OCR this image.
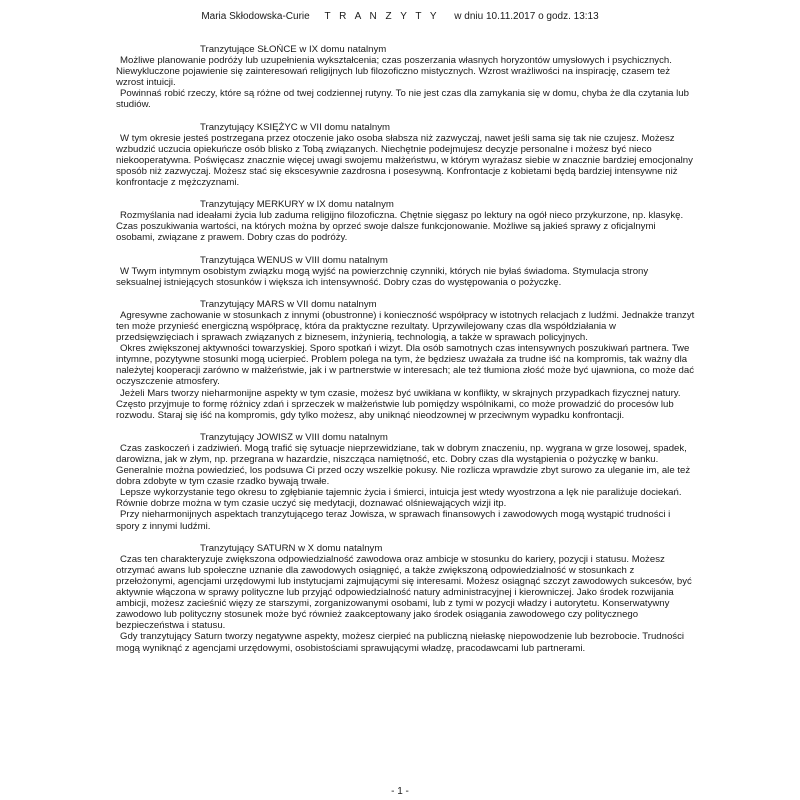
Maria Skłodowska-Curie T R A N Z Y T Y w dniu 10.11.2017 o godz. 13:13
Tranzytujące SŁOŃCE w IX domu natalnym
Możliwe planowanie podróży lub uzupełnienia wykształcenia; czas poszerzania własnych horyzontów umysłowych i psychicznych. Niewykluczone pojawienie się zainteresowań religijnych lub filozoficzno mistycznych. Wzrost wrażliwości na inspirację, czasem też wzrost intuicji.
Powinnaś robić rzeczy, które są różne od twej codziennej rutyny. To nie jest czas dla zamykania się w domu, chyba że dla czytania lub studiów.
Tranzytujący KSIĘŻYC w VII domu natalnym
W tym okresie jesteś postrzegana przez otoczenie jako osoba słabsza niż zazwyczaj, nawet jeśli sama się tak nie czujesz. Możesz wzbudzić uczucia opiekuńcze osób blisko z Tobą związanych. Niechętnie podejmujesz decyzje personalne i możesz być nieco niekooperatywna. Poświęcasz znacznie więcej uwagi swojemu małżeństwu, w którym wyrażasz siebie w znacznie bardziej emocjonalny sposób niż zazwyczaj. Możesz stać się ekscesywnie zazdrosna i posesywną. Konfrontacje z kobietami będą bardziej intensywne niż konfrontacje z mężczyznami.
Tranzytujący MERKURY w IX domu natalnym
Rozmyślania nad ideałami życia lub zaduma religijno filozoficzna. Chętnie sięgasz po lektury na ogół nieco przykurzone, np. klasykę. Czas poszukiwania wartości, na których można by oprzeć swoje dalsze funkcjonowanie. Możliwe są jakieś sprawy z oficjalnymi osobami, związane z prawem. Dobry czas do podróży.
Tranzytująca WENUS w VIII domu natalnym
W Twym intymnym osobistym związku mogą wyjść na powierzchnię czynniki, których nie byłaś świadoma. Stymulacja strony seksualnej istniejących stosunków i większa ich intensywność. Dobry czas do występowania o pożyczkę.
Tranzytujący MARS w VII domu natalnym
Agresywne zachowanie w stosunkach z innymi (obustronne) i konieczność współpracy w istotnych relacjach z ludźmi. Jednakże tranzyt ten może przynieść energiczną współpracę, która da praktyczne rezultaty. Uprzywilejowany czas dla współdziałania w przedsięwzięciach i sprawach związanych z biznesem, inżynierią, technologią, a także w sprawach policyjnych.
Okres zwiększonej aktywności towarzyskiej. Sporo spotkań i wizyt. Dla osób samotnych czas intensywnych poszukiwań partnera. Twe intymne, pozytywne stosunki mogą ucierpieć. Problem polega na tym, że będziesz uważała za trudne iść na kompromis, tak ważny dla należytej kooperacji zarówno w małżeństwie, jak i w partnerstwie w interesach; ale też tłumiona złość może być ujawniona, co może dać oczyszczenie atmosfery.
Jeżeli Mars tworzy nieharmonijne aspekty w tym czasie, możesz być uwikłana w konflikty, w skrajnych przypadkach fizycznej natury. Często przyjmuje to formę różnicy zdań i sprzeczek w małżeństwie lub pomiędzy wspólnikami, co może prowadzić do procesów lub rozwodu. Staraj się iść na kompromis, gdy tylko możesz, aby uniknąć nieodzownej w przeciwnym wypadku konfrontacji.
Tranzytujący JOWISZ w VIII domu natalnym
Czas zaskoczeń i zadziwień. Mogą trafić się sytuacje nieprzewidziane, tak w dobrym znaczeniu, np. wygrana w grze losowej, spadek, darowizna, jak w złym, np. przegrana w hazardzie, niszcząca namiętność, etc. Dobry czas dla wystąpienia o pożyczkę w banku. Generalnie można powiedzieć, los podsuwa Ci przed oczy wszelkie pokusy. Nie rozlicza wprawdzie zbyt surowo za uleganie im, ale też dobra zdobyte w tym czasie rzadko bywają trwałe.
Lepsze wykorzystanie tego okresu to zgłębianie tajemnic życia i śmierci, intuicja jest wtedy wyostrzona a lęk nie paraliżuje dociekań. Równie dobrze można w tym czasie uczyć się medytacji, doznawać olśniewających wizji itp.
Przy nieharmonijnych aspektach tranzytującego teraz Jowisza, w sprawach finansowych i zawodowych mogą wystąpić trudności i spory z innymi ludźmi.
Tranzytujący SATURN w X domu natalnym
Czas ten charakteryzuje zwiększona odpowiedzialność zawodowa oraz ambicje w stosunku do kariery, pozycji i statusu. Możesz otrzymać awans lub społeczne uznanie dla zawodowych osiągnięć, a także zwiększoną odpowiedzialność w stosunkach z przełożonymi, agencjami urzędowymi lub instytucjami zajmującymi się interesami. Możesz osiągnąć szczyt zawodowych sukcesów, być aktywnie włączona w sprawy polityczne lub przyjąć odpowiedzialność natury administracyjnej i kierowniczej. Jako środek rozwijania ambicji, możesz zacieśnić więzy ze starszymi, zorganizowanymi osobami, lub z tymi w pozycji władzy i autorytetu. Konserwatywny zawodowo lub polityczny stosunek może być również zaakceptowany jako środek osiągania zawodowego czy politycznego bezpieczeństwa i statusu.
Gdy tranzytujący Saturn tworzy negatywne aspekty, możesz cierpieć na publiczną niełaskę niepowodzenie lub bezrobocie. Trudności mogą wyniknąć z agencjami urzędowymi, osobistościami sprawującymi władzę, pracodawcami lub partnerami.
- 1 -
